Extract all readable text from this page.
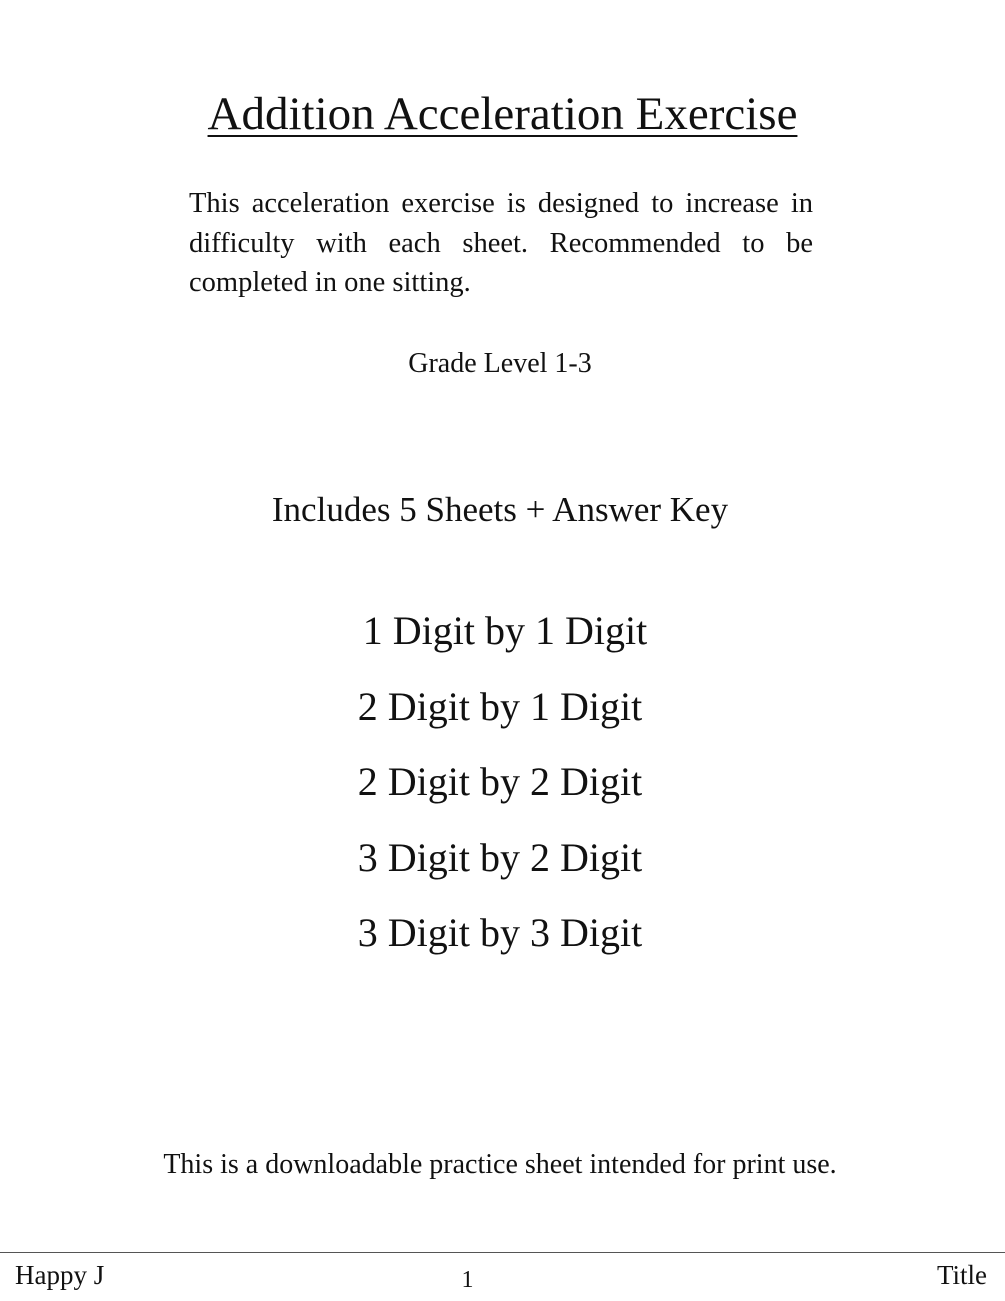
Addition Acceleration Exercise

This acceleration exercise is designed to increase in difficulty with each sheet. Recommended to be completed in one sitting.

Grade Level 1-3

Includes 5 Sheets + Answer Key

1 Digit by 1 Digit
2 Digit by 1 Digit
2 Digit by 2 Digit
3 Digit by 2 Digit
3 Digit by 3 Digit

This is a downloadable practice sheet intended for print use.

Happy J	1	Title
